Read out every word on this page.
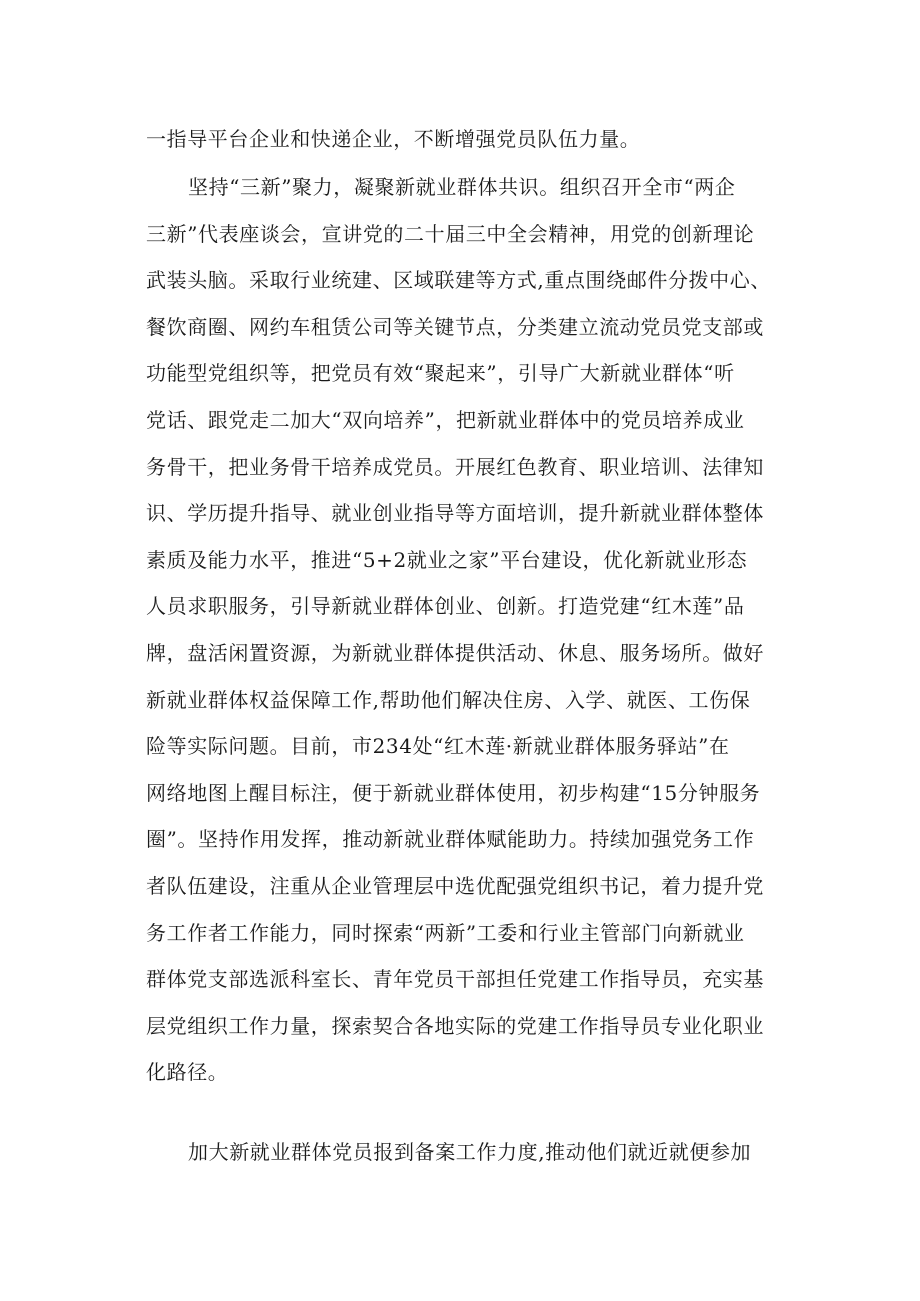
一指导平台企业和快递企业，不断增强党员队伍力量。
坚持“三新”聚力，凝聚新就业群体共识。组织召开全市“两企
三新”代表座谈会，宣讲党的二十届三中全会精神，用党的创新理论
武装头脑。采取行业统建、区域联建等方式,重点围绕邮件分拨中心、
餐饮商圈、网约车租赁公司等关键节点，分类建立流动党员党支部或
功能型党组织等，把党员有效“聚起来”，引导广大新就业群体“听
党话、跟党走二加大“双向培养”，把新就业群体中的党员培养成业
务骨干，把业务骨干培养成党员。开展红色教育、职业培训、法律知
识、学历提升指导、就业创业指导等方面培训，提升新就业群体整体
素质及能力水平，推进“5+2就业之家”平台建设，优化新就业形态
人员求职服务，引导新就业群体创业、创新。打造党建“红木莲”品
牌，盘活闲置资源，为新就业群体提供活动、休息、服务场所。做好
新就业群体权益保障工作,帮助他们解决住房、入学、就医、工伤保
险等实际问题。目前，市234处“红木莲·新就业群体服务驿站”在
网络地图上醒目标注，便于新就业群体使用，初步构建“15分钟服务
圈”。坚持作用发挥，推动新就业群体赋能助力。持续加强党务工作
者队伍建设，注重从企业管理层中选优配强党组织书记，着力提升党
务工作者工作能力，同时探索“两新”工委和行业主管部门向新就业
群体党支部选派科室长、青年党员干部担任党建工作指导员，充实基
层党组织工作力量，探索契合各地实际的党建工作指导员专业化职业
化路径。
加大新就业群体党员报到备案工作力度,推动他们就近就便参加
